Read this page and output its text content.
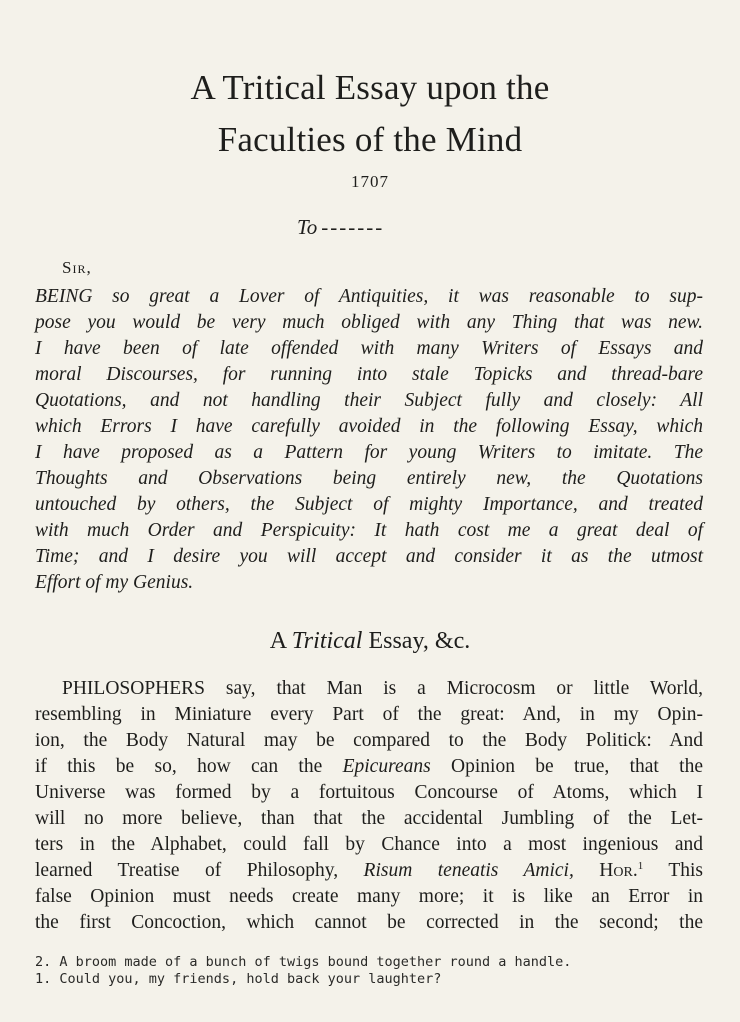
A Tritical Essay upon the
Faculties of the Mind
1707
To -------
Sir,
BEING so great a Lover of Antiquities, it was reasonable to sup-
pose you would be very much obliged with any Thing that was new.
I have been of late offended with many Writers of Essays and
moral Discourses, for running into stale Topicks and thread-bare
Quotations, and not handling their Subject fully and closely: All
which Errors I have carefully avoided in the following Essay, which
I have proposed as a Pattern for young Writers to imitate. The
Thoughts and Observations being entirely new, the Quotations
untouched by others, the Subject of mighty Importance, and treated
with much Order and Perspicuity: It hath cost me a great deal of
Time; and I desire you will accept and consider it as the utmost
Effort of my Genius.
A Tritical Essay, &c.
PHILOSOPHERS say, that Man is a Microcosm or little World,
resembling in Miniature every Part of the great: And, in my Opin-
ion, the Body Natural may be compared to the Body Politick: And
if this be so, how can the Epicureans Opinion be true, that the
Universe was formed by a fortuitous Concourse of Atoms, which I
will no more believe, than that the accidental Jumbling of the Let-
ters in the Alphabet, could fall by Chance into a most ingenious and
learned Treatise of Philosophy, Risum teneatis Amici, Hor.$^1$ This
false Opinion must needs create many more; it is like an Error in
the first Concoction, which cannot be corrected in the second; the
2. A broom made of a bunch of twigs bound together round a handle.
1. Could you, my friends, hold back your laughter?
